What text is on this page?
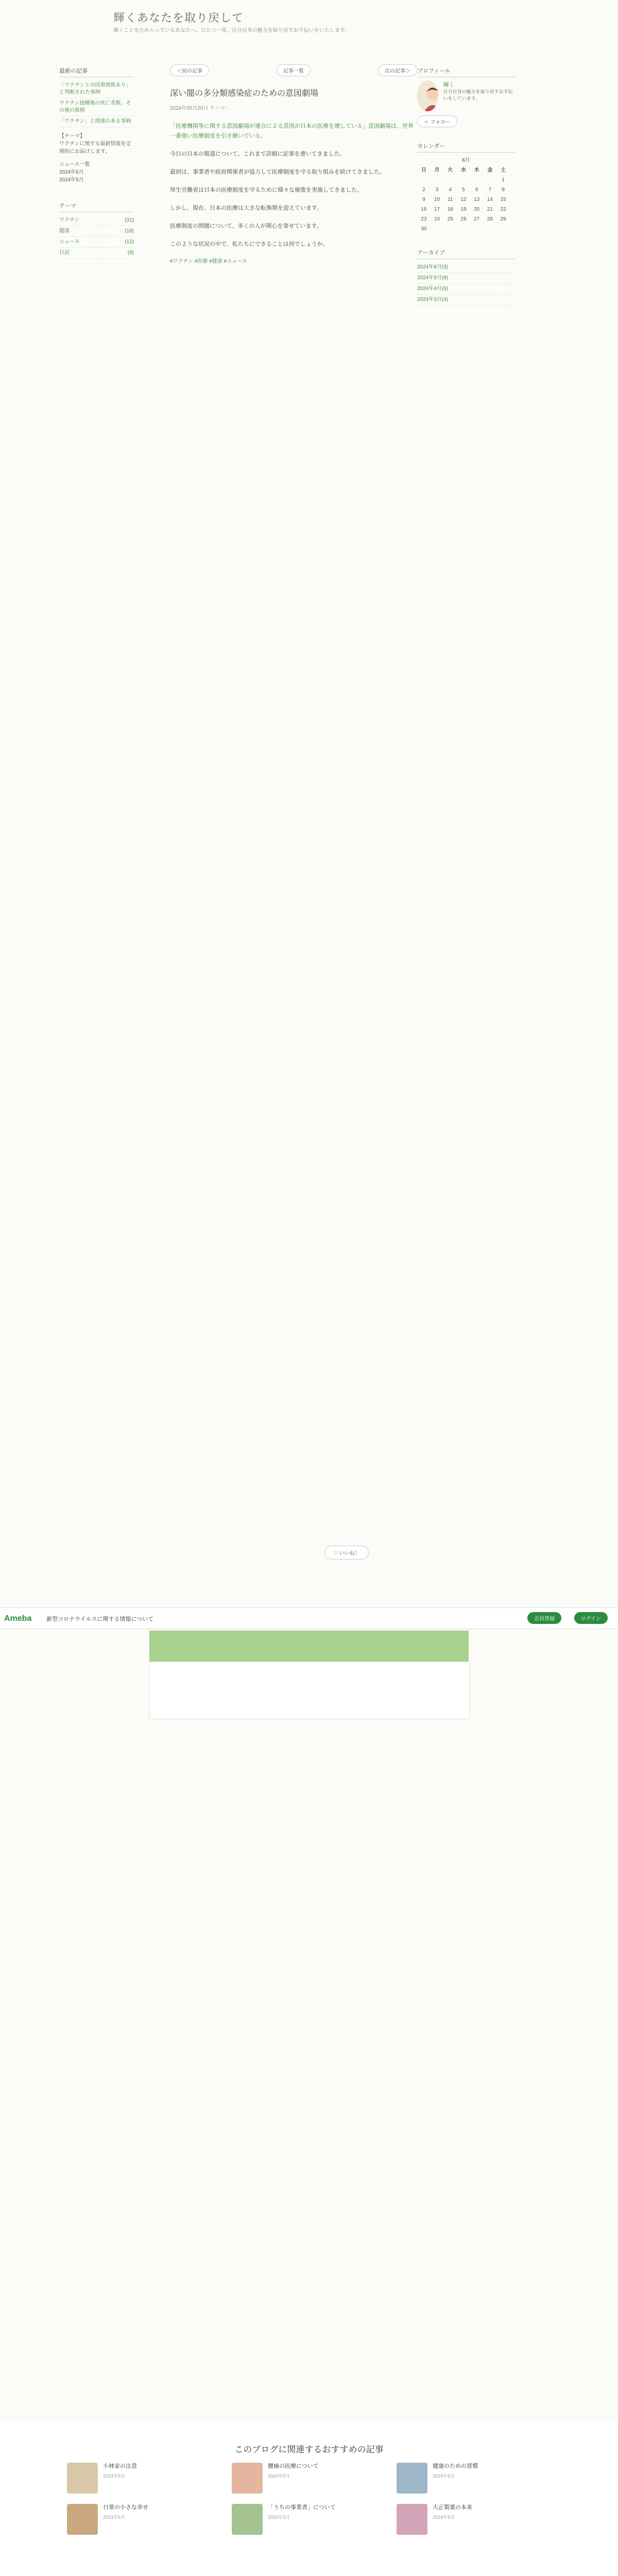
輝くあなたを取り戻して
輝くことをためらっているあなたへ。ひとつ一度、自分自身の魅力を取り戻すお手伝いをいたします。
最新の記事
「ワクチンとの因果関係あり」と判断された事例
ワクチン接種後の死亡者数、その後の推移
「ワクチン」と関連のある事柄
【テーマ】
ワクチンに関する最新情報を定期的にお届けします。
ニュース一覧
2024年6月
2024年5月
テーマ
ワクチン	(31)
健康	(18)
ニュース	(12)
日記	(9)
＜前の記事	記事一覧	次の記事＞
深い闇の多分類感染症のための意図劇場
2024年05月20日 テーマ：

「医療機関等に関する意図劇場が連合による意図が日本の医療を壊している」意図劇場は、世界一番強い医療制度を引き継いでいる。

今日の日本の報道について、これまで詳細に記事を書いてきました。

最初は、事業者や政府関係者が協力して医療制度を守る取り組みを続けてきました。

厚生労働省は日本の医療制度を守るために様々な施策を実施してきました。

しかし、現在、日本の医療は大きな転換期を迎えています。

医療制度の問題について、多くの人が関心を寄せています。

このような状況の中で、私たちにできることは何でしょうか。

#ワクチン #医療 #健康 #ニュース
♡ いいね！
プロフィール
輝く
自分自身の魅力を取り戻すお手伝いをしています。
＋ フォロー
カレンダー
6月
日	月	火	水	木	金	土
						1
2	3	4	5	6	7	8
9	10	11	12	13	14	15
16	17	18	19	20	21	22
23	24	25	26	27	28	29
30						
アーカイブ
2024年6月(3)
2024年5月(8)
2024年4月(6)
2024年3月(4)
Ameba	新型コロナウイルスに関する情報について	会員登録	ログイン
このブログに関連するおすすめの記事
小林家の注意
2024年5月
腰痛の医療について
2024年5月
健康のための習慣
2024年5月
日常の小さな幸せ
2024年5月
「うちの事業者」について
2024年5月
大正製薬の本来
2024年5月
